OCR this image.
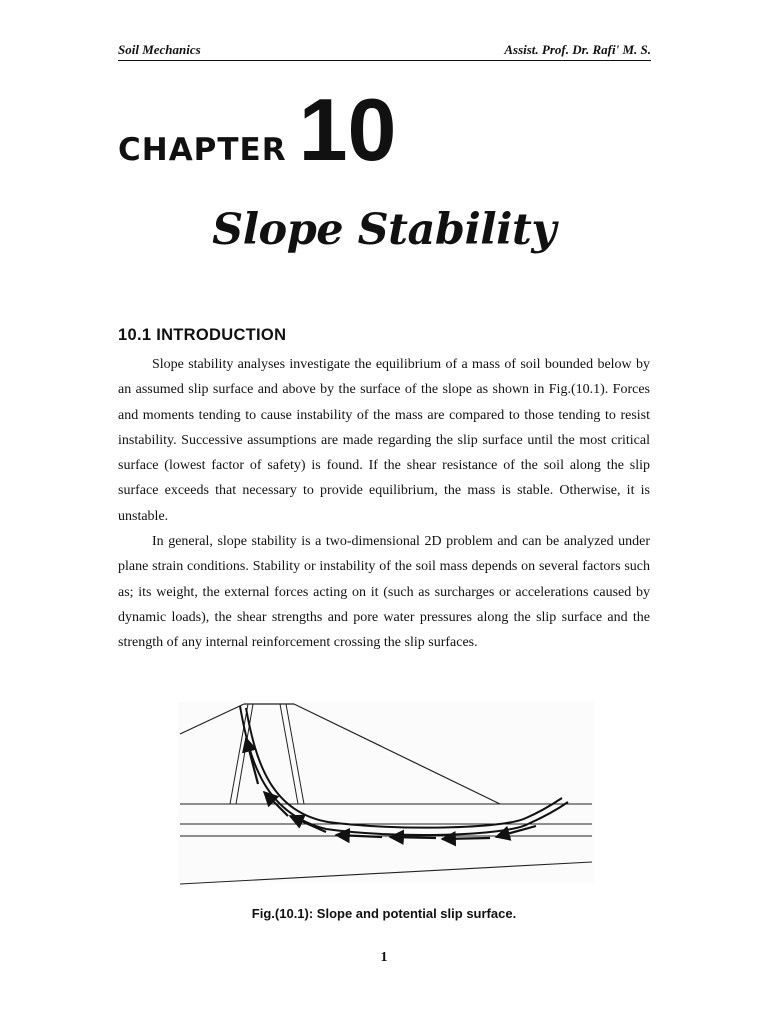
Soil Mechanics	Assist. Prof. Dr. Rafi' M. S.
CHAPTER 10
Slope Stability
10.1 INTRODUCTION

Slope stability analyses investigate the equilibrium of a mass of soil bounded below by an assumed slip surface and above by the surface of the slope as shown in Fig.(10.1). Forces and moments tending to cause instability of the mass are compared to those tending to resist instability. Successive assumptions are made regarding the slip surface until the most critical surface (lowest factor of safety) is found. If the shear resistance of the soil along the slip surface exceeds that necessary to provide equilibrium, the mass is stable. Otherwise, it is unstable.

In general, slope stability is a two-dimensional 2D problem and can be analyzed under plane strain conditions. Stability or instability of the soil mass depends on several factors such as; its weight, the external forces acting on it (such as surcharges or accelerations caused by dynamic loads), the shear strengths and pore water pressures along the slip surface and the strength of any internal reinforcement crossing the slip surfaces.

Fig.(10.1): Slope and potential slip surface.
1
